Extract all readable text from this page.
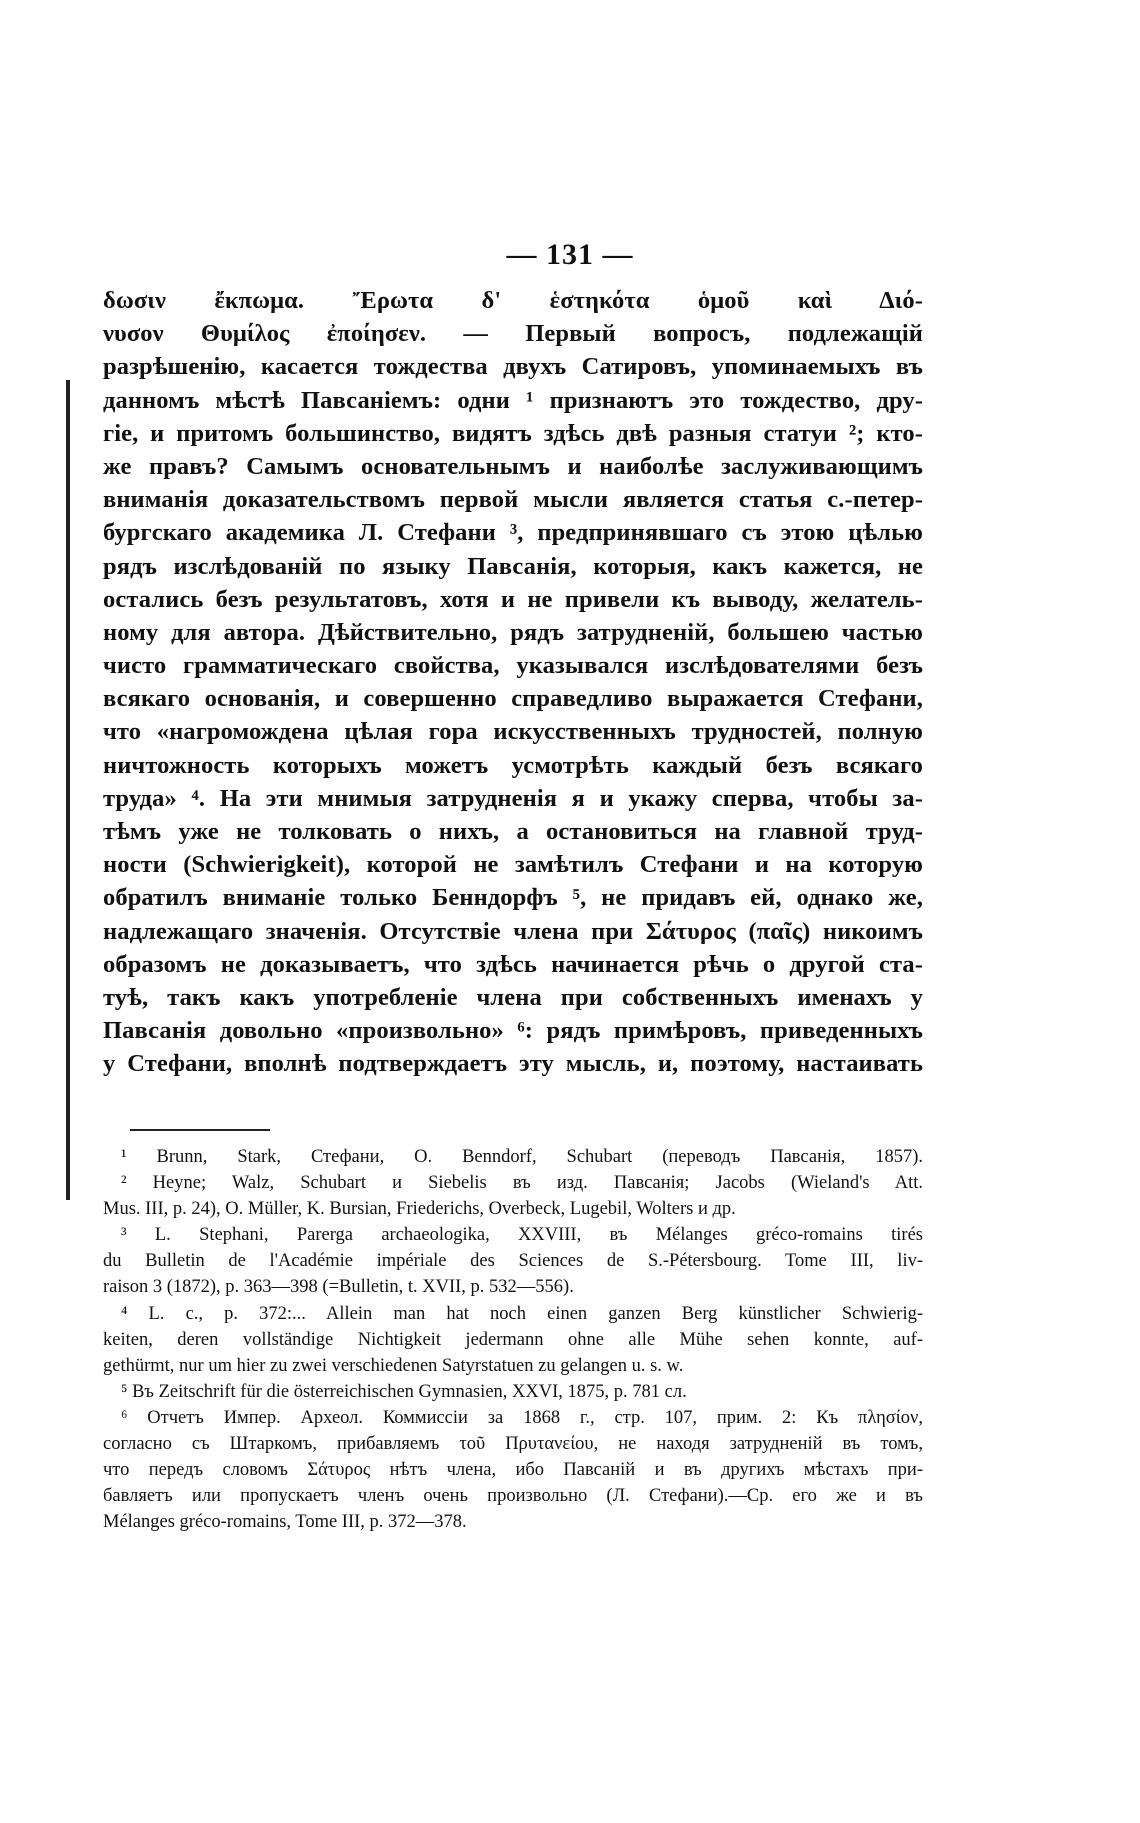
— 131 —
δωσιν ἔκπωμα. Ἔρωτα δ' ἑστηκότα ὁμοῦ καὶ Διό-
νυσον Θυμίλος ἐποίησεν. — Первый вопросъ, подлежащій
разрѣшенію, касается тождества двухъ Сатировъ, упоминаемыхъ въ
данномъ мѣстѣ Павсаніемъ: одни ¹ признаютъ это тождество, дру-
гіе, и притомъ большинство, видятъ здѣсь двѣ разныя статуи ²; кто-
же правъ? Самымъ основательнымъ и наиболѣе заслуживающимъ
вниманія доказательствомъ первой мысли является статья с.-петер-
бургскаго академика Л. Стефани ³, предпринявшаго съ этою цѣлью
рядъ изслѣдованій по языку Павсанія, которыя, какъ кажется, не
остались безъ результатовъ, хотя и не привели къ выводу, желатель-
ному для автора. Дѣйствительно, рядъ затрудненій, большею частью
чисто грамматическаго свойства, указывался изслѣдователями безъ
всякаго основанія, и совершенно справедливо выражается Стефани,
что «нагромождена цѣлая гора искусственныхъ трудностей, полную
ничтожность которыхъ можетъ усмотрѣть каждый безъ всякаго
труда» ⁴. На эти мнимыя затрудненія я и укажу сперва, чтобы за-
тѣмъ уже не толковать о нихъ, а остановиться на главной труд-
ности (Schwierigkeit), которой не замѣтилъ Стефани и на которую
обратилъ вниманіе только Бенндорфъ ⁵, не придавъ ей, однако же,
надлежащаго значенія. Отсутствіе члена при Σάτυρος (παῖς) никоимъ
образомъ не доказываетъ, что здѣсь начинается рѣчь о другой ста-
туѣ, такъ какъ употребленіе члена при собственныхъ именахъ у
Павсанія довольно «произвольно» ⁶: рядъ примѣровъ, приведенныхъ
у Стефани, вполнѣ подтверждаетъ эту мысль, и, поэтому, настаивать
¹ Brunn, Stark, Стефани, O. Benndorf, Schubart (переводъ Павсанія, 1857).
² Heyne; Walz, Schubart и Siebelis въ изд. Павсанія; Jacobs (Wieland's Att.
Mus. III, p. 24), O. Müller, K. Bursian, Friederichs, Overbeck, Lugebil, Wolters и др.
³ L. Stephani, Parerga archaeologika, XXVIII, въ Mélanges gréco-romains tirés
du Bulletin de l'Académie impériale des Sciences de S.-Pétersbourg. Tome III, liv-
raison 3 (1872), p. 363—398 (=Bulletin, t. XVII, p. 532—556).
⁴ L. c., p. 372:... Allein man hat noch einen ganzen Berg künstlicher Schwierig-
keiten, deren vollständige Nichtigkeit jedermann ohne alle Mühe sehen konnte, auf-
gethürmt, nur um hier zu zwei verschiedenen Satyrstatuen zu gelangen u. s. w.
⁵ Въ Zeitschrift für die österreichischen Gymnasien, XXVI, 1875, p. 781 сл.
⁶ Отчетъ Импер. Археол. Коммиссіи за 1868 г., стр. 107, прим. 2: Къ πλησίον,
согласно съ Штаркомъ, прибавляемъ τοῦ Πρυτανείου, не находя затрудненій въ томъ,
что передъ словомъ Σάτυρος нѣтъ члена, ибо Павсаній и въ другихъ мѣстахъ при-
бавляетъ или пропускаетъ членъ очень произвольно (Л. Стефани).—Ср. его же и въ
Mélanges gréco-romains, Tome III, p. 372—378.
